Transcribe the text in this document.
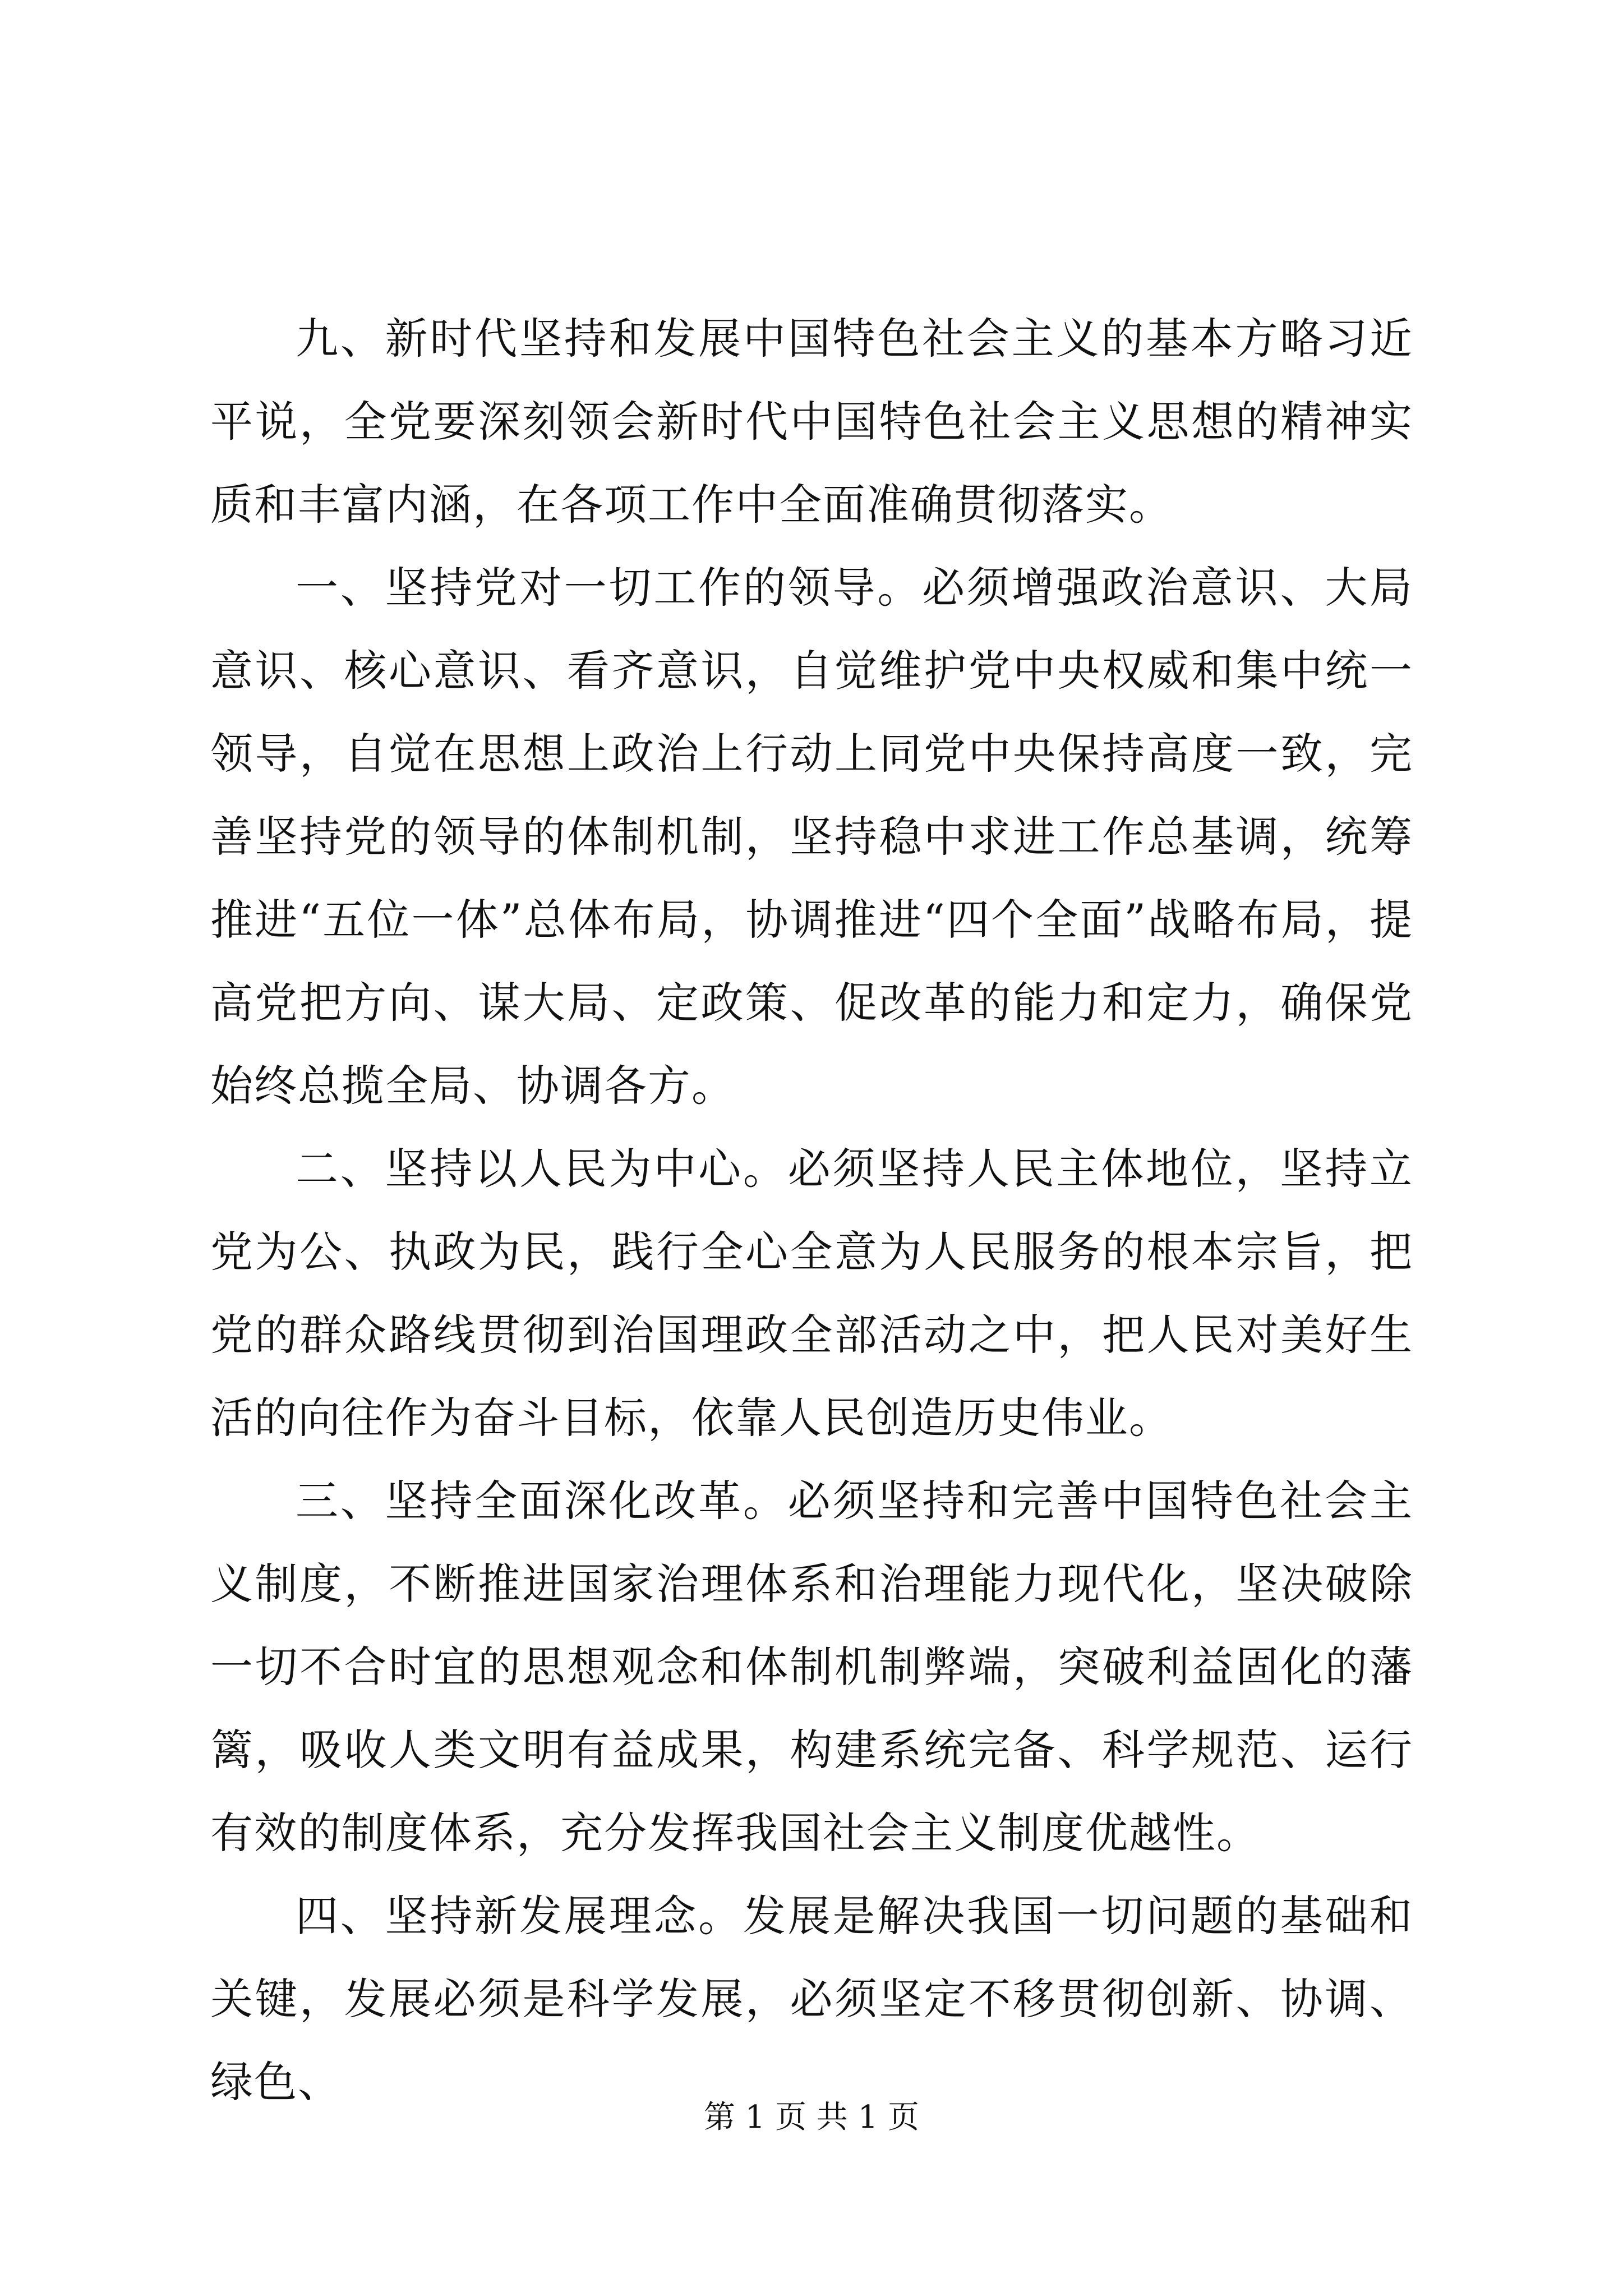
九、新时代坚持和发展中国特色社会主义的基本方略习近平说，全党要深刻领会新时代中国特色社会主义思想的精神实质和丰富内涵，在各项工作中全面准确贯彻落实。

一、坚持党对一切工作的领导。必须增强政治意识、大局意识、核心意识、看齐意识，自觉维护党中央权威和集中统一领导，自觉在思想上政治上行动上同党中央保持高度一致，完善坚持党的领导的体制机制，坚持稳中求进工作总基调，统筹推进“五位一体”总体布局，协调推进“四个全面”战略布局，提高党把方向、谋大局、定政策、促改革的能力和定力，确保党始终总揽全局、协调各方。

二、坚持以人民为中心。必须坚持人民主体地位，坚持立党为公、执政为民，践行全心全意为人民服务的根本宗旨，把党的群众路线贯彻到治国理政全部活动之中，把人民对美好生活的向往作为奋斗目标，依靠人民创造历史伟业。

三、坚持全面深化改革。必须坚持和完善中国特色社会主义制度，不断推进国家治理体系和治理能力现代化，坚决破除一切不合时宜的思想观念和体制机制弊端，突破利益固化的藩篱，吸收人类文明有益成果，构建系统完备、科学规范、运行有效的制度体系，充分发挥我国社会主义制度优越性。

四、坚持新发展理念。发展是解决我国一切问题的基础和关键，发展必须是科学发展，必须坚定不移贯彻创新、协调、绿色、

第 1 页 共 1 页
